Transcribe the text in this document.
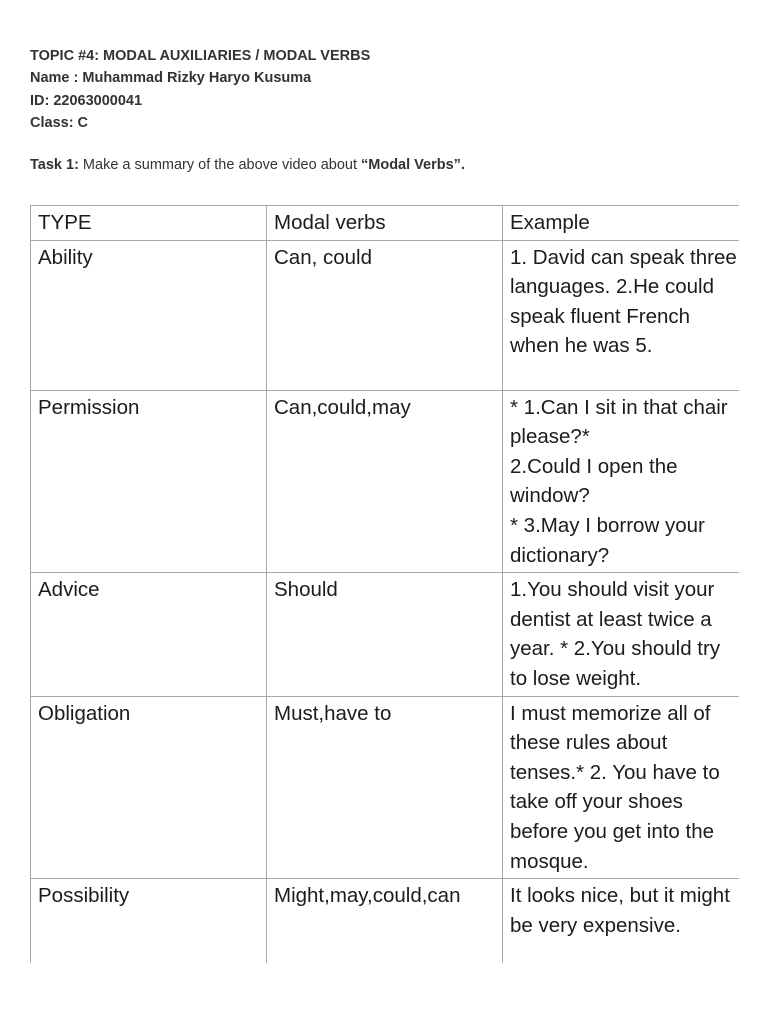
TOPIC #4: MODAL AUXILIARIES / MODAL VERBS
Name : Muhammad Rizky Haryo Kusuma
ID: 22063000041
Class: C
Task 1: Make a summary of the above video about “Modal Verbs”.
TYPE	Modal verbs	Example
Ability	Can, could	1. David can speak three languages. 2.He could speak fluent French when he was 5.
Permission	Can,could,may	* 1.Can I sit in that chair please?*
2.Could I open the window?
* 3.May I borrow your dictionary?
Advice	Should	1.You should visit your dentist at least twice a year. * 2.You should try to lose weight.
Obligation	Must,have to	I must memorize all of these rules about tenses.* 2. You have to take off your shoes before you get into the mosque.
Possibility	Might,may,could,can	It looks nice, but it might be very expensive.
